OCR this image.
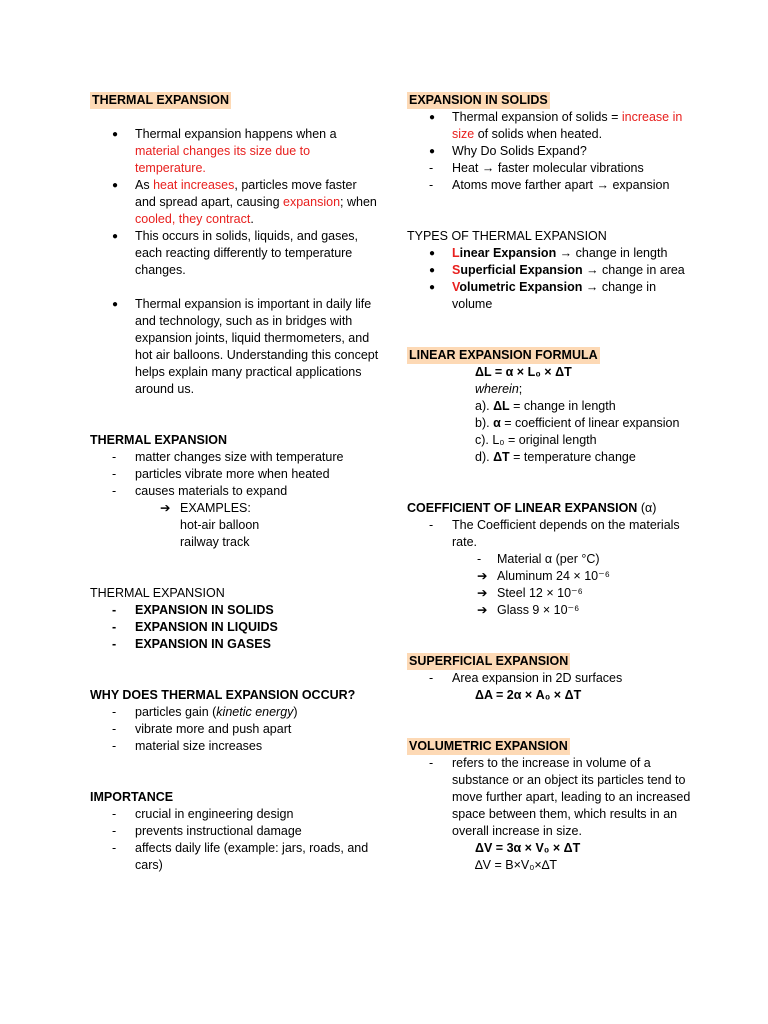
THERMAL EXPANSION
●	Thermal expansion happens when a material changes its size due to temperature.
●	As heat increases, particles move faster and spread apart, causing expansion; when cooled, they contract.
●	This occurs in solids, liquids, and gases, each reacting differently to temperature changes.
●	Thermal expansion is important in daily life and technology, such as in bridges with expansion joints, liquid thermometers, and hot air balloons. Understanding this concept helps explain many practical applications around us.
THERMAL EXPANSION
-	matter changes size with temperature
-	particles vibrate more when heated
-	causes materials to expand
➔ EXAMPLES:
hot-air balloon
railway track
THERMAL EXPANSION
-	EXPANSION IN SOLIDS
-	EXPANSION IN LIQUIDS
-	EXPANSION IN GASES
WHY DOES THERMAL EXPANSION OCCUR?
-	particles gain (kinetic energy)
-	vibrate more and push apart
-	material size increases
IMPORTANCE
-	crucial in engineering design
-	prevents instructional damage
-	affects daily life (example: jars, roads, and cars)
EXPANSION IN SOLIDS
●	Thermal expansion of solids = increase in size of solids when heated.
●	Why Do Solids Expand?
-	Heat → faster molecular vibrations
-	Atoms move farther apart → expansion
TYPES OF THERMAL EXPANSION
●	Linear Expansion → change in length
●	Superficial Expansion → change in area
●	Volumetric Expansion → change in volume
LINEAR EXPANSION FORMULA
ΔL = α × L₀ × ΔT
wherein;
a). ΔL = change in length
b). α = coefficient of linear expansion
c). L₀ = original length
d). ΔT = temperature change
COEFFICIENT OF LINEAR EXPANSION (α)
-	The Coefficient depends on the materials rate.
-	Material α (per °C)
➔ Aluminum 24 × 10⁻⁶
➔ Steel 12 × 10⁻⁶
➔ Glass 9 × 10⁻⁶
SUPERFICIAL EXPANSION
-	Area expansion in 2D surfaces
ΔA = 2α × A₀ × ΔT
VOLUMETRIC EXPANSION
-	refers to the increase in volume of a substance or an object its particles tend to move further apart, leading to an increased space between them, which results in an overall increase in size.
ΔV = 3α × V₀ × ΔT
∆V = B×V₀×∆T
